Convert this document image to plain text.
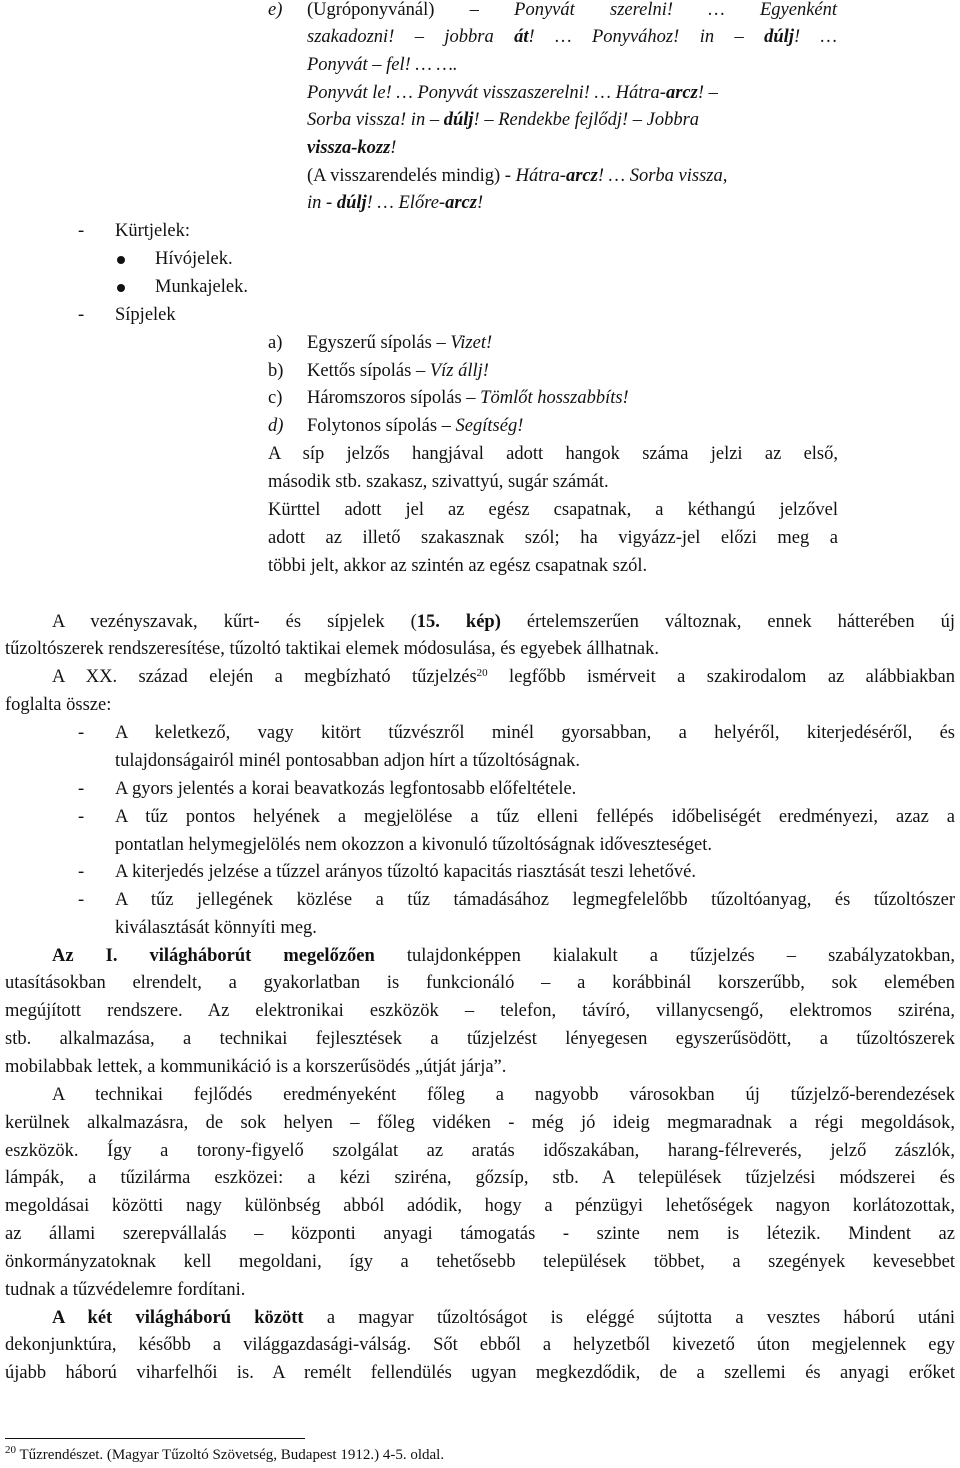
e) (Ugróponyvánál) – Ponyvát szerelni! … Egyenként
szakadozni! – jobbra át! … Ponyvához! in – dúlj! …
Ponyvát – fel! … ….
Ponyvát le! … Ponyvát visszaszerelni! … Hátra-arcz! –
Sorba vissza! in – dúlj! – Rendekbe fejlődj! – Jobbra
vissza-kozz!
(A visszarendelés mindig) - Hátra-arcz! … Sorba vissza,
in - dúlj! … Előre-arcz!
- Kürtjelek:
Hívójelek.
Munkajelek.
- Sípjelek
a) Egyszerű sípolás – Vizet!
b) Kettős sípolás – Víz állj!
c) Háromszoros sípolás – Tömlőt hosszabbíts!
d) Folytonos sípolás – Segítség!
A síp jelzős hangjával adott hangok száma jelzi az első,
második stb. szakasz, szivattyú, sugár számát.
Kürttel adott jel az egész csapatnak, a kéthangú jelzővel
adott az illető szakasznak szól; ha vigyázz-jel előzi meg a
többi jelt, akkor az szintén az egész csapatnak szól.
A vezényszavak, kűrt- és sípjelek (15. kép) értelemszerűen változnak, ennek hátterében új
tűzoltószerek rendszeresítése, tűzoltó taktikai elemek módosulása, és egyebek állhatnak.
A XX. század elején a megbízható tűzjelzés$^{20}$ legfőbb ismérveit a szakirodalom az alábbiakban
foglalta össze:
- A keletkező, vagy kitört tűzvészről minél gyorsabban, a helyéről, kiterjedéséről, és
tulajdonságairól minél pontosabban adjon hírt a tűzoltóságnak.
- A gyors jelentés a korai beavatkozás legfontosabb előfeltétele.
- A tűz pontos helyének a megjelölése a tűz elleni fellépés időbeliségét eredményezi, azaz a
pontatlan helymegjelölés nem okozzon a kivonuló tűzoltóságnak időveszteséget.
- A kiterjedés jelzése a tűzzel arányos tűzoltó kapacitás riasztását teszi lehetővé.
- A tűz jellegének közlése a tűz támadásához legmegfelelőbb tűzoltóanyag, és tűzoltószer
kiválasztását könnyíti meg.
Az I. világháborút megelőzően tulajdonképpen kialakult a tűzjelzés – szabályzatokban,
utasításokban elrendelt, a gyakorlatban is funkcionáló – a korábbinál korszerűbb, sok elemében
megújított rendszere. Az elektronikai eszközök – telefon, távíró, villanycsengő, elektromos sziréna,
stb. alkalmazása, a technikai fejlesztések a tűzjelzést lényegesen egyszerűsödött, a tűzoltószerek
mobilabbak lettek, a kommunikáció is a korszerűsödés „útját járja”.
A technikai fejlődés eredményeként főleg a nagyobb városokban új tűzjelző-berendezések
kerülnek alkalmazásra, de sok helyen – főleg vidéken - még jó ideig megmaradnak a régi megoldások,
eszközök. Így a torony-figyelő szolgálat az aratás időszakában, harang-félreverés, jelző zászlók,
lámpák, a tűzilárma eszközei: a kézi sziréna, gőzsíp, stb. A települések tűzjelzési módszerei és
megoldásai közötti nagy különbség abból adódik, hogy a pénzügyi lehetőségek nagyon korlátozottak,
az állami szerepvállalás – központi anyagi támogatás - szinte nem is létezik. Mindent az
önkormányzatoknak kell megoldani, így a tehetősebb települések többet, a szegények kevesebbet
tudnak a tűzvédelemre fordítani.
A két világháború között a magyar tűzoltóságot is eléggé sújtotta a vesztes háború utáni
dekonjunktúra, később a világgazdasági-válság. Sőt ebből a helyzetből kivezető úton megjelennek egy
újabb háború viharfelhői is. A remélt fellendülés ugyan megkezdődik, de a szellemi és anyagi erőket
$^{20}$ Tűzrendészet. (Magyar Tűzoltó Szövetség, Budapest 1912.) 4-5. oldal.
